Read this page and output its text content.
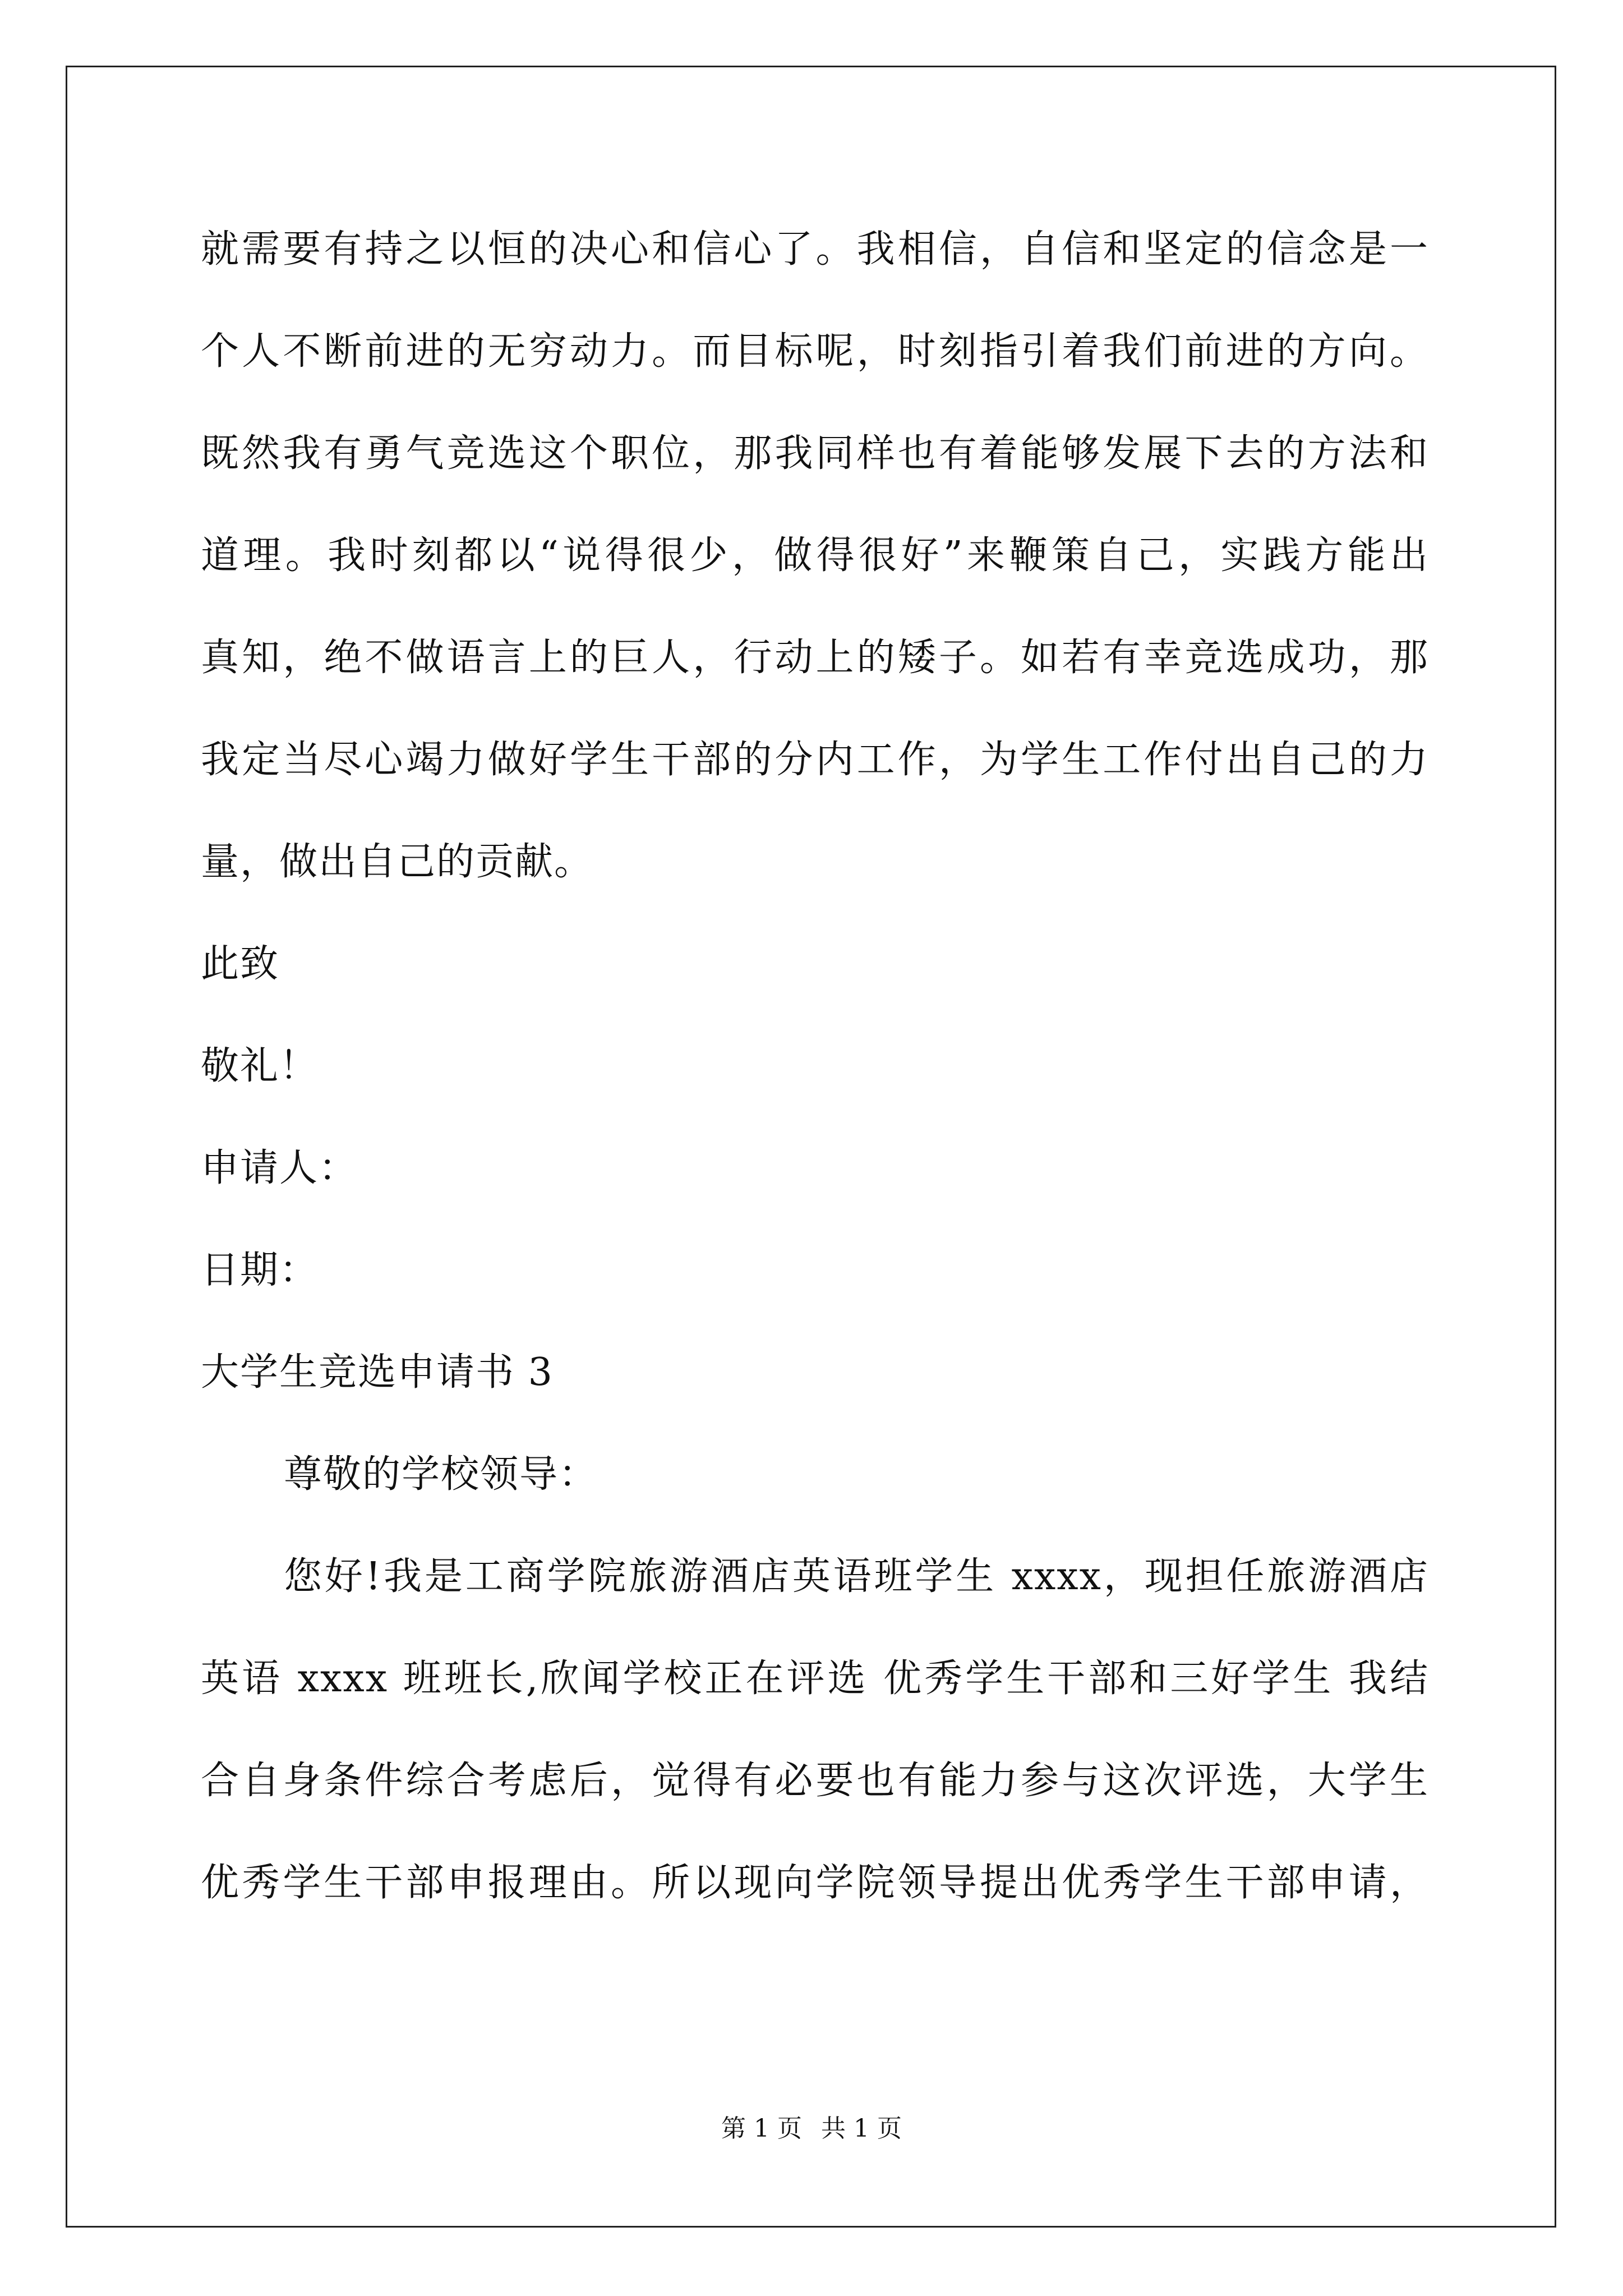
就需要有持之以恒的决心和信心了。我相信，自信和坚定的信念是一
个人不断前进的无穷动力。而目标呢，时刻指引着我们前进的方向。
既然我有勇气竞选这个职位，那我同样也有着能够发展下去的方法和
道理。我时刻都以“说得很少，做得很好”来鞭策自己，实践方能出
真知，绝不做语言上的巨人，行动上的矮子。如若有幸竞选成功，那
我定当尽心竭力做好学生干部的分内工作，为学生工作付出自己的力
量，做出自己的贡献。
此致
敬礼！
申请人：
日期：
大学生竞选申请书 3
尊敬的学校领导：
您好!我是工商学院旅游酒店英语班学生 xxxx，现担任旅游酒店
英语 xxxx 班班长,欣闻学校正在评选 优秀学生干部和三好学生 我结
合自身条件综合考虑后，觉得有必要也有能力参与这次评选，大学生
优秀学生干部申报理由。所以现向学院领导提出优秀学生干部申请，
第 1 页 共 1 页
